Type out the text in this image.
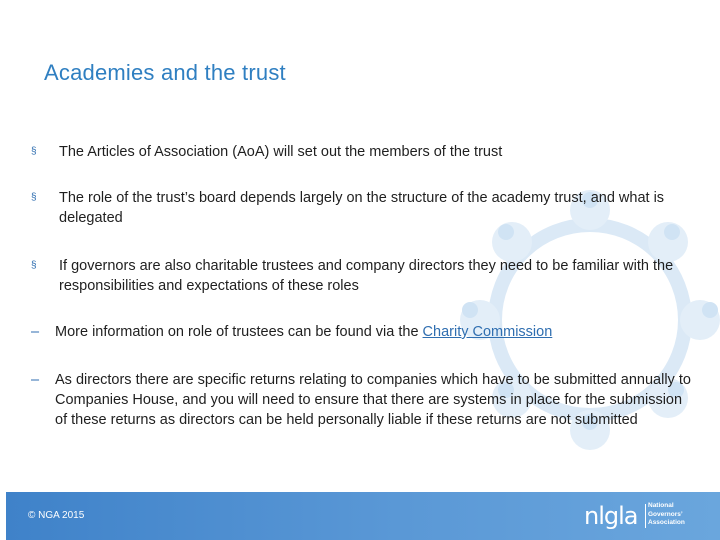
Academies and the trust
§ The Articles of Association (AoA) will set out the members of the trust
§ The role of the trust’s board depends largely on the structure of the academy trust, and what is delegated
§ If governors are also charitable trustees and company directors they need to be familiar with the responsibilities and expectations of these roles
– More information on role of trustees can be found via the Charity Commission
– As directors there are specific returns relating to companies which have to be submitted annually to Companies House, and you will need to ensure that there are systems in place for the submission of these returns as directors can be held personally liable if these returns are not submitted
© NGA 2015	nlgla National
Governors’
Association
